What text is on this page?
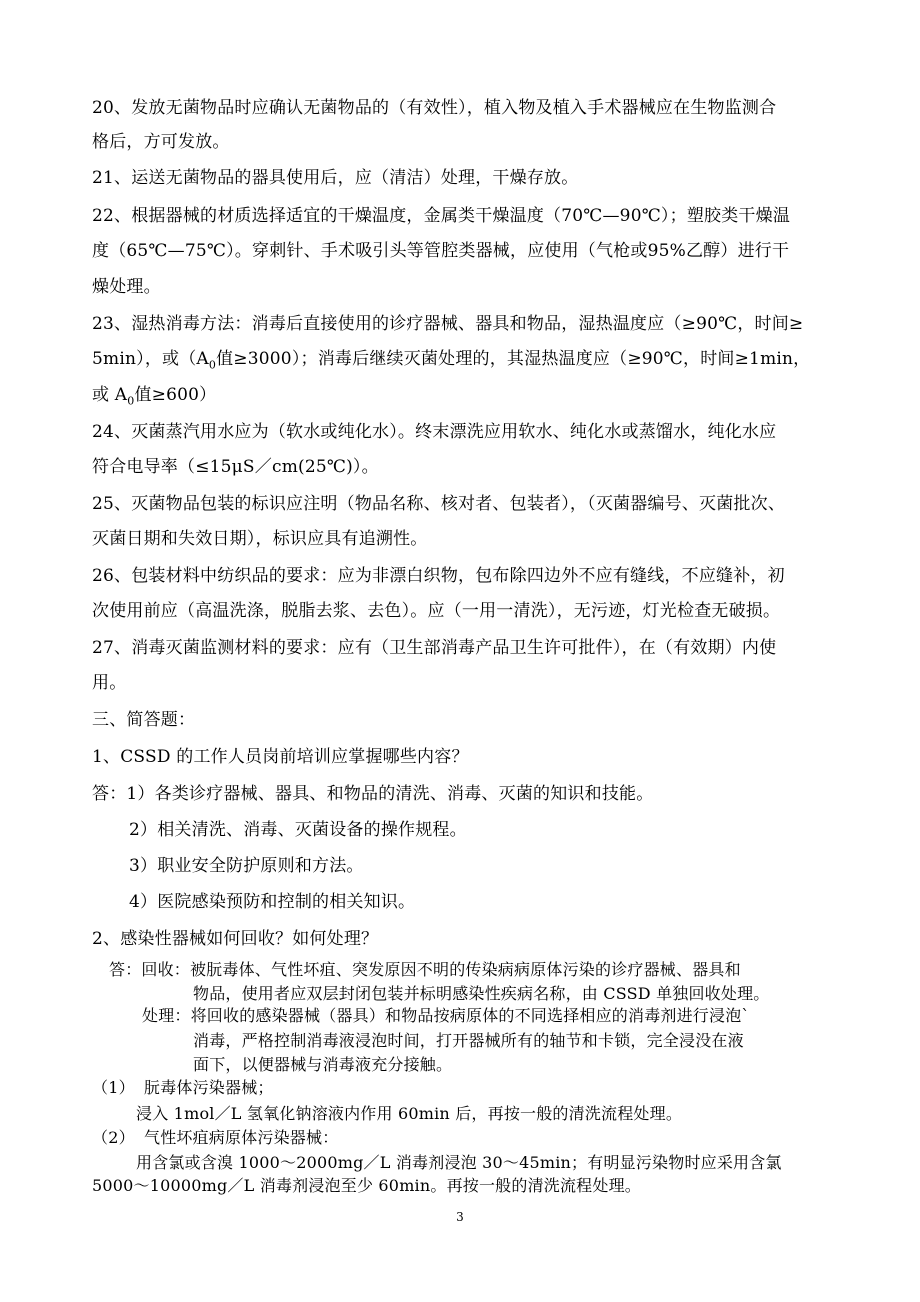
20、发放无菌物品时应确认无菌物品的（有效性），植入物及植入手术器械应在生物监测合
格后，方可发放。
21、运送无菌物品的器具使用后，应（清洁）处理，干燥存放。
22、根据器械的材质选择适宜的干燥温度，金属类干燥温度（70℃—90℃）；塑胶类干燥温
度（65℃—75℃）。穿刺针、手术吸引头等管腔类器械，应使用（气枪或95%乙醇）进行干
燥处理。
23、湿热消毒方法：消毒后直接使用的诊疗器械、器具和物品，湿热温度应（≥90℃，时间≥
5min），或（$A_0$值≥3000）；消毒后继续灭菌处理的，其湿热温度应（≥90℃，时间≥1min，
或 $A_0$值≥600）
24、灭菌蒸汽用水应为（软水或纯化水）。终末漂洗应用软水、纯化水或蒸馏水，纯化水应
符合电导率（≤15μS／cm(25℃)）。
25、灭菌物品包装的标识应注明（物品名称、核对者、包装者），（灭菌器编号、灭菌批次、
灭菌日期和失效日期），标识应具有追溯性。
26、包装材料中纺织品的要求：应为非漂白织物，包布除四边外不应有缝线，不应缝补，初
次使用前应（高温洗涤，脱脂去浆、去色）。应（一用一清洗），无污迹，灯光检查无破损。
27、消毒灭菌监测材料的要求：应有（卫生部消毒产品卫生许可批件），在（有效期）内使
用。
三、简答题：
1、CSSD 的工作人员岗前培训应掌握哪些内容？
答：1）各类诊疗器械、器具、和物品的清洗、消毒、灭菌的知识和技能。
2）相关清洗、消毒、灭菌设备的操作规程。
3）职业安全防护原则和方法。
4）医院感染预防和控制的相关知识。
2、感染性器械如何回收？如何处理？
答：回收：被朊毒体、气性坏疽、突发原因不明的传染病病原体污染的诊疗器械、器具和
物品，使用者应双层封闭包装并标明感染性疾病名称，由 CSSD 单独回收处理。
处理：将回收的感染器械（器具）和物品按病原体的不同选择相应的消毒剂进行浸泡`
消毒，严格控制消毒液浸泡时间，打开器械所有的轴节和卡锁，完全浸没在液
面下，以便器械与消毒液充分接触。
（1） 朊毒体污染器械；
浸入 1mol／L 氢氧化钠溶液内作用 60min 后，再按一般的清洗流程处理。
（2） 气性坏疽病原体污染器械：
用含氯或含溴 1000～2000mg／L 消毒剂浸泡 30～45min；有明显污染物时应采用含氯
5000～10000mg／L 消毒剂浸泡至少 60min。再按一般的清洗流程处理。
3
